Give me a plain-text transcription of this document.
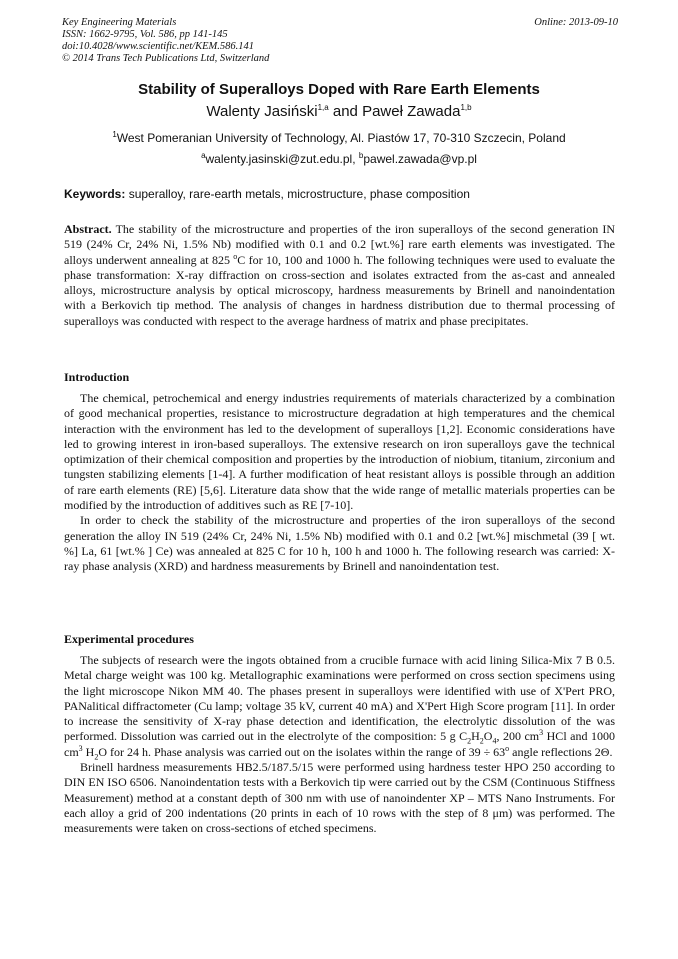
Key Engineering Materials
ISSN: 1662-9795, Vol. 586, pp 141-145
doi:10.4028/www.scientific.net/KEM.586.141
© 2014 Trans Tech Publications Ltd, Switzerland
Online: 2013-09-10
Stability of Superalloys Doped with Rare Earth Elements
Walenty Jasiński$^{1,a}$ and Paweł Zawada$^{1,b}$
$^1$West Pomeranian University of Technology, Al. Piastów 17, 70-310 Szczecin, Poland
$^a$walenty.jasinski@zut.edu.pl, $^b$pawel.zawada@vp.pl
Keywords: superalloy, rare-earth metals, microstructure, phase composition

Abstract. The stability of the microstructure and properties of the iron superalloys of the second generation IN 519 (24% Cr, 24% Ni, 1.5% Nb) modified with 0.1 and 0.2 [wt.%] rare earth elements was investigated. The alloys underwent annealing at 825 $^o$C for 10, 100 and 1000 h. The following techniques were used to evaluate the phase transformation: X-ray diffraction on cross-section and isolates extracted from the as-cast and annealed alloys, microstructure analysis by optical microscopy, hardness measurements by Brinell and nanoindentation with a Berkovich tip method. The analysis of changes in hardness distribution due to thermal processing of superalloys was conducted with respect to the average hardness of matrix and phase precipitates.

Introduction

The chemical, petrochemical and energy industries requirements of materials characterized by a combination of good mechanical properties, resistance to microstructure degradation at high temperatures and the chemical interaction with the environment has led to the development of superalloys [1,2]. Economic considerations have led to growing interest in iron-based superalloys. The extensive research on iron superalloys gave the technical optimization of their chemical composition and properties by the introduction of niobium, titanium, zirconium and tungsten stabilizing elements [1-4]. A further modification of heat resistant alloys is possible through an addition of rare earth elements (RE) [5,6]. Literature data show that the wide range of metallic materials properties can be modified by the introduction of additives such as RE [7-10].

In order to check the stability of the microstructure and properties of the iron superalloys of the second generation the alloy IN 519 (24% Cr, 24% Ni, 1.5% Nb) modified with 0.1 and 0.2 [wt.%] mischmetal (39 [ wt. %] La, 61 [wt.% ] Ce) was annealed at 825 C for 10 h, 100 h and 1000 h. The following research was carried: X-ray phase analysis (XRD) and hardness measurements by Brinell and nanoindentation test.

Experimental procedures

The subjects of research were the ingots obtained from a crucible furnace with acid lining Silica-Mix 7 B 0.5. Metal charge weight was 100 kg. Metallographic examinations were performed on cross section specimens using the light microscope Nikon MM 40. The phases present in superalloys were identified with use of X'Pert PRO, PANalitical diffractometer (Cu lamp; voltage 35 kV, current 40 mA) and X'Pert High Score program [11]. In order to increase the sensitivity of X-ray phase detection and identification, the electrolytic dissolution of the was performed. Dissolution was carried out in the electrolyte of the composition: 5 g $C_2H_2O_4$, 200 $cm^3$ HCl and 1000 $cm^3$ $H_2O$ for 24 h. Phase analysis was carried out on the isolates within the range of $39 \div 63^o$ angle reflections 2Θ.

Brinell hardness measurements HB2.5/187.5/15 were performed using hardness tester HPO 250 according to DIN EN ISO 6506. Nanoindentation tests with a Berkovich tip were carried out by the CSM (Continuous Stiffness Measurement) method at a constant depth of 300 nm with use of nanoindenter XP – MTS Nano Instruments. For each alloy a grid of 200 indentations (20 prints in each of 10 rows with the step of 8 μm) was performed. The measurements were taken on cross-sections of etched specimens.
